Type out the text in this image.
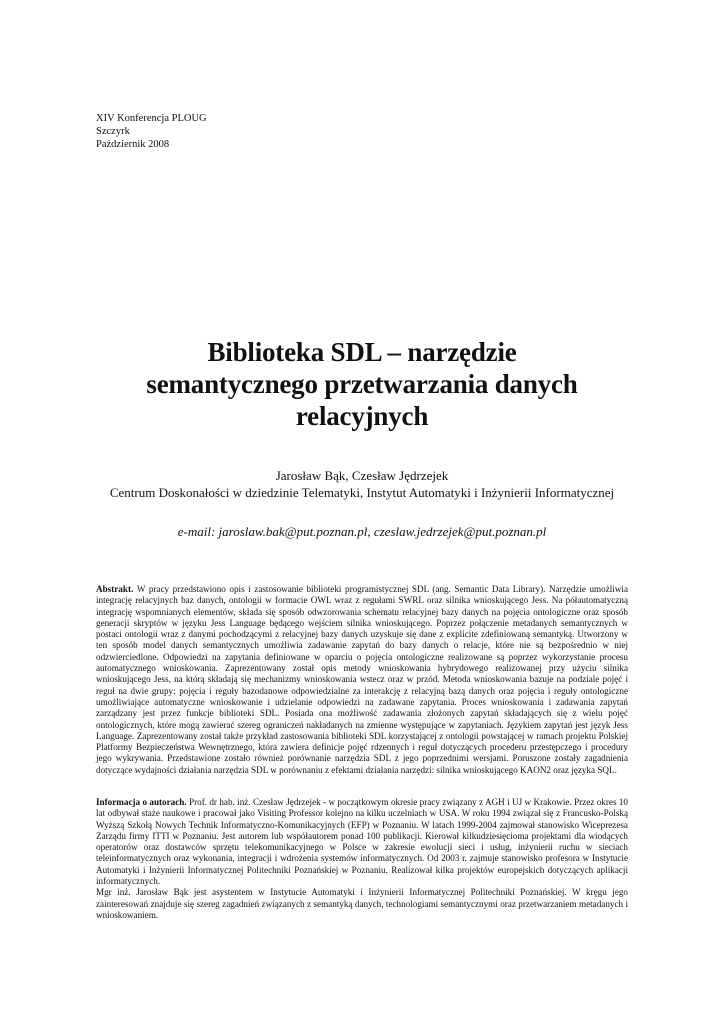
XIV Konferencja PLOUG
Szczyrk
Październik 2008
Biblioteka SDL – narzędzie
semantycznego przetwarzania danych
relacyjnych
Jarosław Bąk, Czesław Jędrzejek
Centrum Doskonałości w dziedzinie Telematyki, Instytut Automatyki i Inżynierii Informatycznej
e-mail: jaroslaw.bak@put.poznan.pl, czeslaw.jedrzejek@put.poznan.pl
Abstrakt. W pracy przedstawiono opis i zastosowanie biblioteki programistycznej SDL (ang. Semantic Data Library). Narzędzie umożliwia integrację relacyjnych baz danych, ontologii w formacie OWL wraz z regułami SWRL oraz silnika wnioskującego Jess. Na półautomatyczną integrację wspomnianych elementów, składa się sposób odwzorowania schematu relacyjnej bazy danych na pojęcia ontologiczne oraz sposób generacji skryptów w języku Jess Language będącego wejściem silnika wnioskującego. Poprzez połączenie metadanych semantycznych w postaci ontologii wraz z danymi pochodzącymi z relacyjnej bazy danych uzyskuje się dane z explicite zdefiniowaną semantyką. Utworzony w ten sposób model danych semantycznych umożliwia zadawanie zapytań do bazy danych o relacje, które nie są bezpośrednio w niej odzwierciedlone. Odpowiedzi na zapytania definiowane w oparciu o pojęcia ontologiczne realizowane są poprzez wykorzystanie procesu automatycznego wnioskowania. Zaprezentowany został opis metody wnioskowania hybrydowego realizowanej przy użyciu silnika wnioskującego Jess, na którą składają się mechanizmy wnioskowania wstecz oraz w przód. Metoda wnioskowania bazuje na podziale pojęć i reguł na dwie grupy: pojęcia i reguły bazodanowe odpowiedzialne za interakcję z relacyjną bazą danych oraz pojęcia i reguły ontologiczne umożliwiające automatyczne wnioskowanie i udzielanie odpowiedzi na zadawane zapytania. Proces wnioskowania i zadawania zapytań zarządzany jest przez funkcje biblioteki SDL. Posiada ona możliwość zadawania złożonych zapytań składających się z wielu pojęć ontologicznych, które mogą zawierać szereg ograniczeń nakładanych na zmienne występujące w zapytaniach. Językiem zapytań jest język Jess Language. Zaprezentowany został także przykład zastosowania biblioteki SDL korzystającej z ontologii powstającej w ramach projektu Polskiej Platformy Bezpieczeństwa Wewnętrznego, która zawiera definicje pojęć rdzennych i reguł dotyczących procederu przestępczego i procedury jego wykrywania. Przedstawione zostało również porównanie narzędzia SDL z jego poprzednimi wersjami. Poruszone zostały zagadnienia dotyczące wydajności działania narzędzia SDL w porównaniu z efektami działania narzędzi: silnika wnioskującego KAON2 oraz języka SQL.
Informacja o autorach. Prof. dr hab. inż. Czesław Jędrzejek - w początkowym okresie pracy związany z AGH i UJ w Krakowie. Przez okres 10 lat odbywał staże naukowe i pracował jako Visiting Professor kolejno na kilku uczelniach w USA. W roku 1994 związał się z Francusko-Polską Wyższą Szkołą Nowych Technik Informatyczno-Komunikacyjnych (EFP) w Poznaniu. W latach 1999-2004 zajmował stanowisko Wiceprezesa Zarządu firmy ITTI w Poznaniu. Jest autorem lub współautorem ponad 100 publikacji. Kierował kilkudziesięcioma projektami dla wiodących operatorów oraz dostawców sprzętu telekomunikacyjnego w Polsce w zakresie ewolucji sieci i usług, inżynierii ruchu w sieciach teleinformatycznych oraz wykonania, integracji i wdrożenia systemów informatycznych. Od 2003 r. zajmuje stanowisko profesora w Instytucie Automatyki i Inżynierii Informatycznej Politechniki Poznańskiej w Poznaniu. Realizował kilka projektów europejskich dotyczących aplikacji informatycznych.
Mgr inż. Jarosław Bąk jest asystentem w Instytucie Automatyki i Inżynierii Informatycznej Politechniki Poznańskiej. W kręgu jego zainteresowań znajduje się szereg zagadnień związanych z semantyką danych, technologiami semantycznymi oraz przetwarzaniem metadanych i wnioskowaniem.
